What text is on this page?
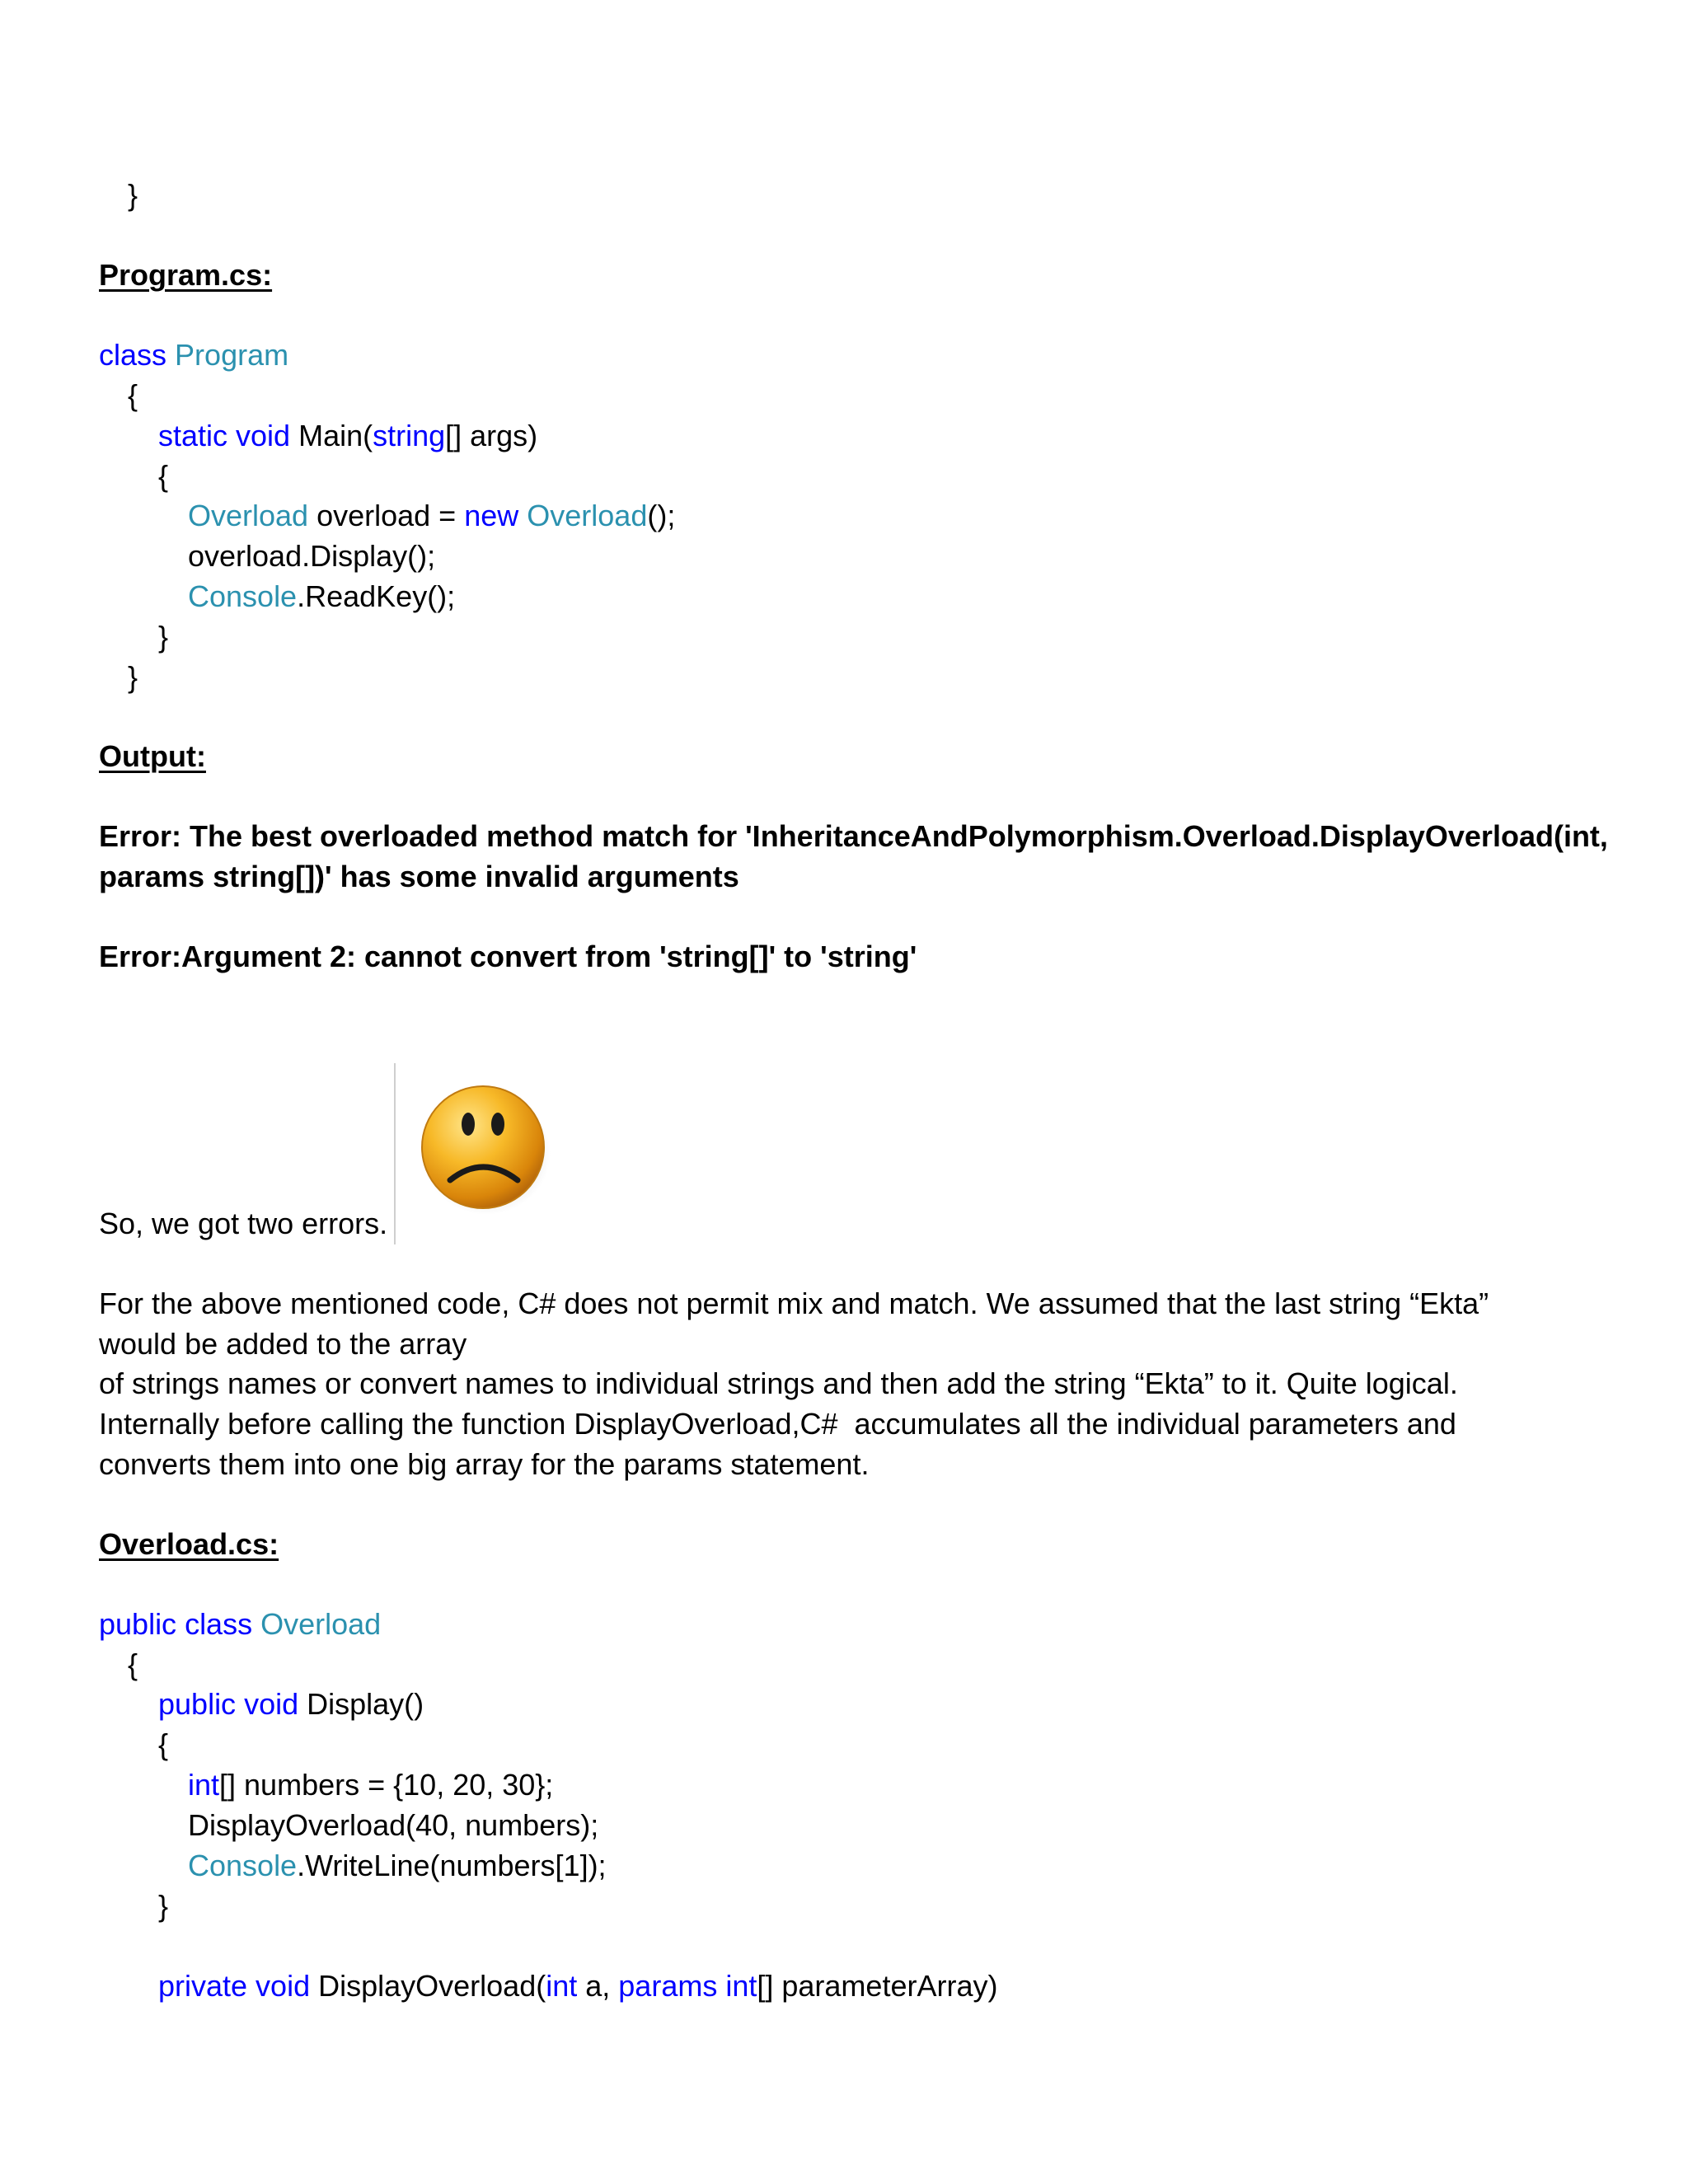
}
Program.cs:
class Program
{
static void Main(string[] args)
{
Overload overload = new Overload();
overload.Display();
Console.ReadKey();
}
}
Output:
Error: The best overloaded method match for 'InheritanceAndPolymorphism.Overload.DisplayOverload(int,
params string[])' has some invalid arguments
Error:Argument 2: cannot convert from 'string[]' to 'string'
So, we got two errors.
For the above mentioned code, C# does not permit mix and match. We assumed that the last string “Ekta”
would be added to the array
of strings names or convert names to individual strings and then add the string “Ekta” to it. Quite logical.
Internally before calling the function DisplayOverload,C#  accumulates all the individual parameters and
converts them into one big array for the params statement.
Overload.cs:
public class Overload
{
public void Display()
{
int[] numbers = {10, 20, 30};
DisplayOverload(40, numbers);
Console.WriteLine(numbers[1]);
}
private void DisplayOverload(int a, params int[] parameterArray)
